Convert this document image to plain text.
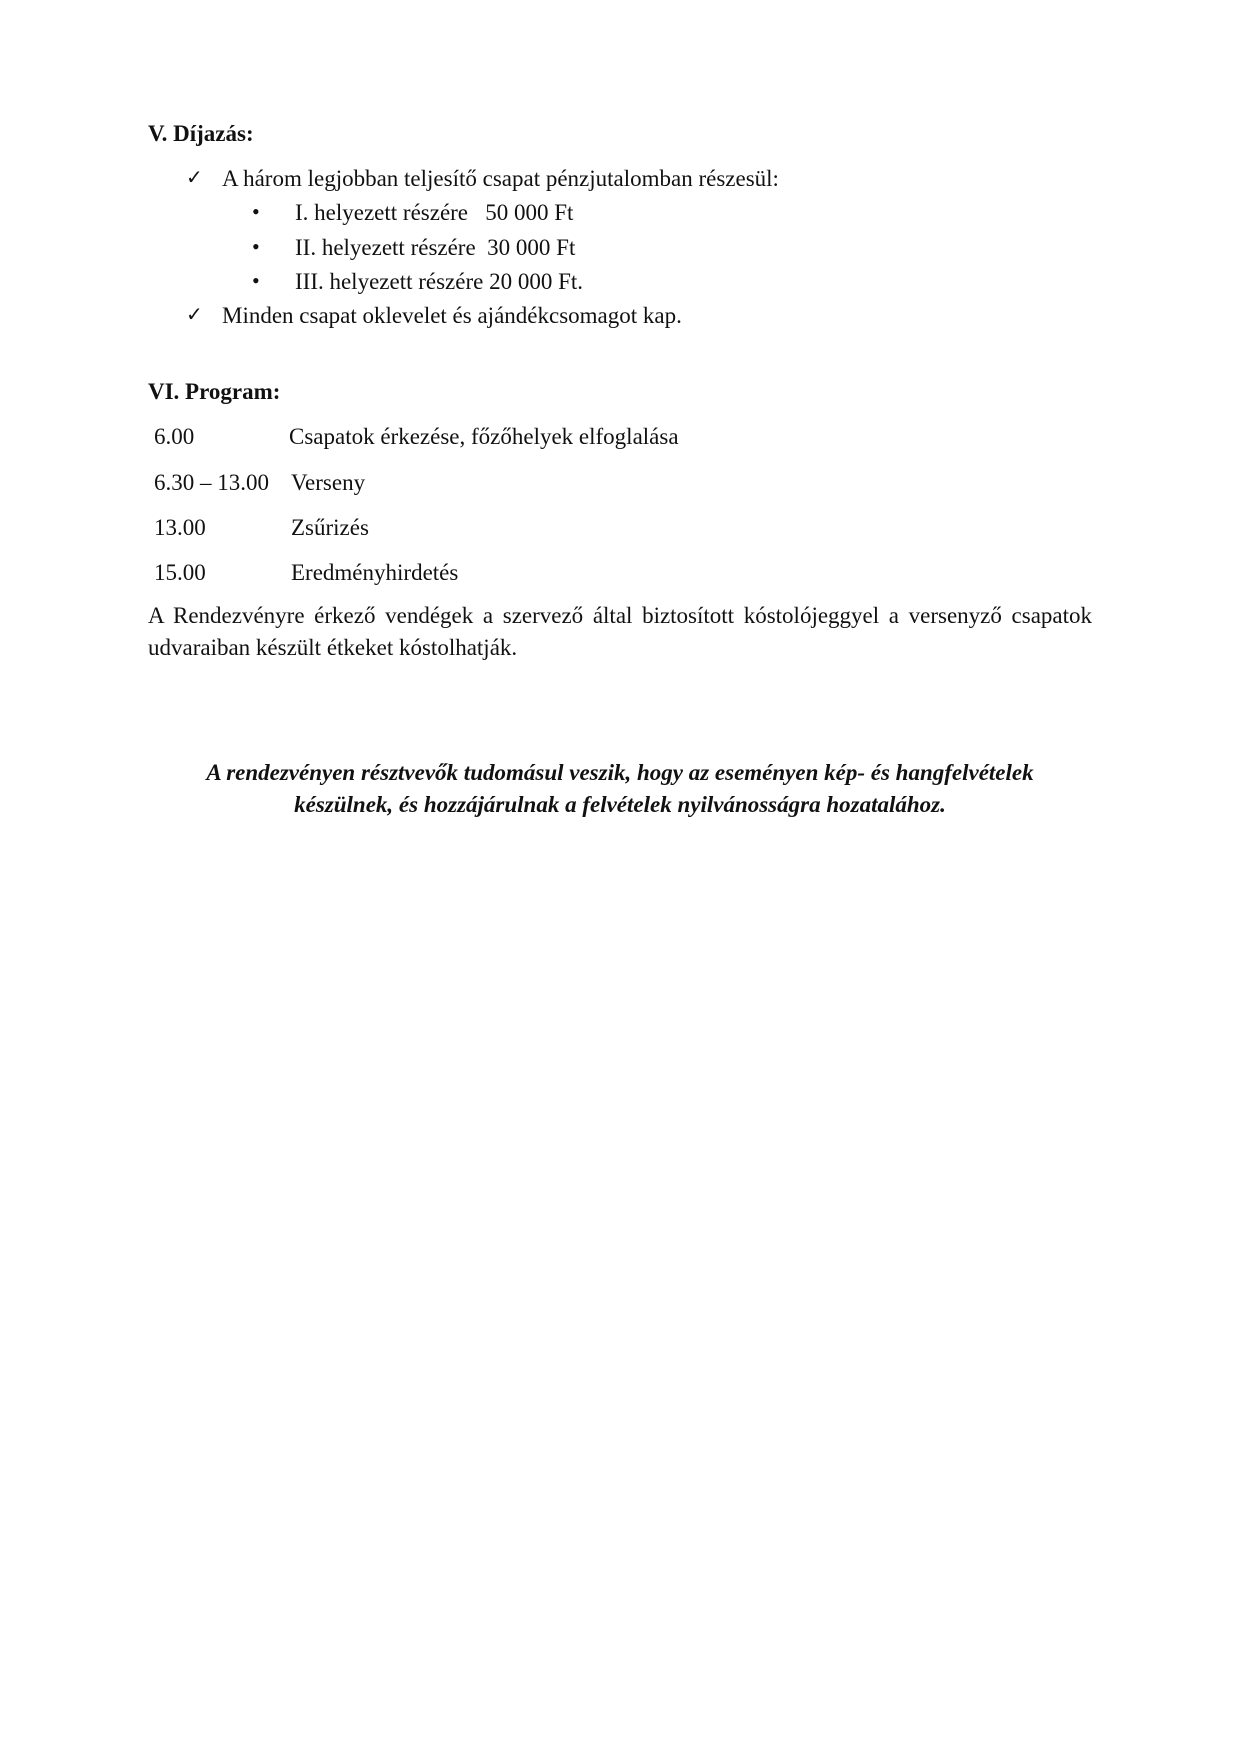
V. Díjazás:
✓ A három legjobban teljesítő csapat pénzjutalomban részesül:
• I. helyezett részére   50 000 Ft
• II. helyezett részére  30 000 Ft
• III. helyezett részére 20 000 Ft.
✓ Minden csapat oklevelet és ajándékcsomagot kap.
VI. Program:
6.00	Csapatok érkezése, főzőhelyek elfoglalása
6.30 – 13.00 Verseny
13.00	Zsűrizés
15.00	Eredményhirdetés
A Rendezvényre érkező vendégek a szervező által biztosított kóstolójeggyel a versenyző csapatok udvaraiban készült étkeket kóstolhatják.
A rendezvényen résztvevők tudomásul veszik, hogy az eseményen kép- és hangfelvételek
készülnek, és hozzájárulnak a felvételek nyilvánosságra hozatalához.
